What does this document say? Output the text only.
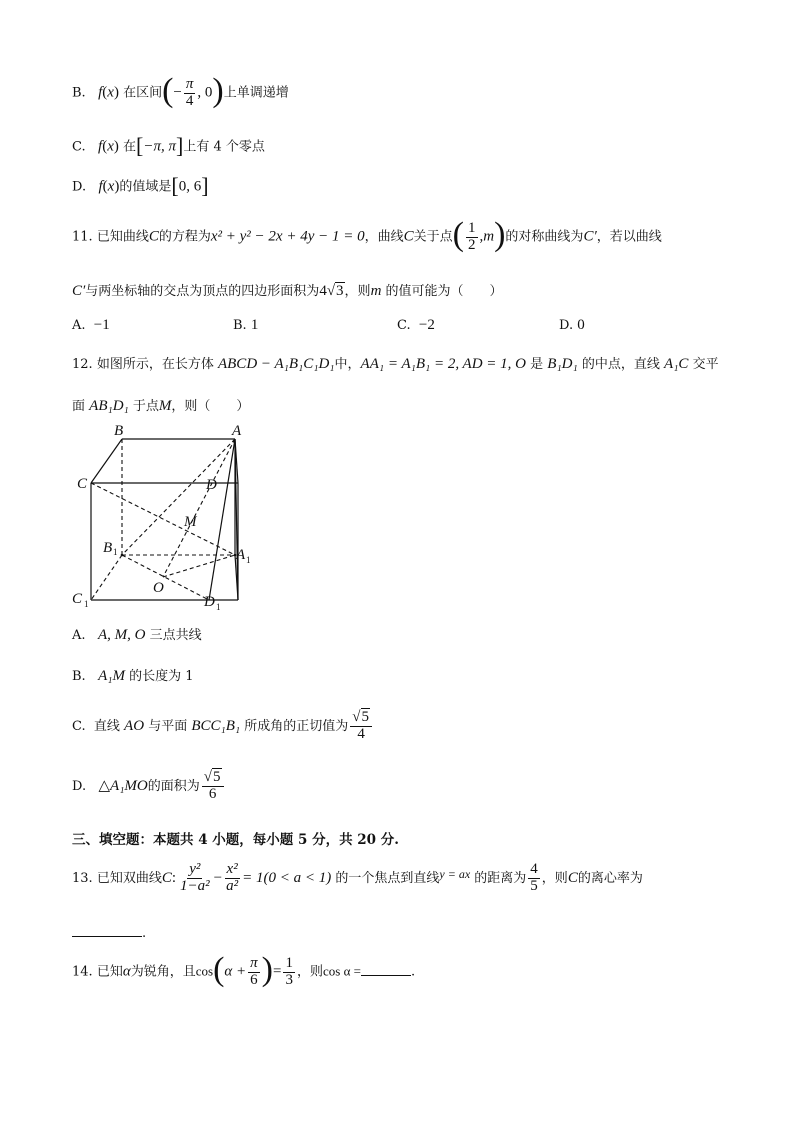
B. f(x) 在区间(− $\frac{\pi}{4}$ , 0)上单调递增
C. f(x) 在[−π, π]上有 4 个零点
D. f(x)的值域是[0, 6]
11. 已知曲线C的方程为x² + y² − 2x + 4y − 1 = 0，曲线C关于点( $\frac{1}{2} ,m$)的对称曲线为C′，若以曲线
C′与两坐标轴的交点为顶点的四边形面积为4√3，则m 的值可能为（　　）
A. −1	B. 1	C. −2	D. 0
12. 如图所示，在长方体 ABCD − A₁B₁C₁D₁中，AA₁ = A₁B₁ = 2, AD = 1, O 是 B₁D₁ 的中点，直线 A₁C 交平
面 AB₁D₁ 于点M，则（　　）
B	A
C	D
M
B	A
O
C	D
1
1
1	1
A. A, M, O 三点共线
B. A₁M 的长度为 1
C. 直线 AO 与平面 BCC₁B₁ 所成角的正切值为 $\frac{√5}{4}$
D. △A₁MO的面积为 $\frac{√5}{6}$
三、填空题：本题共 4 小题，每小题 5 分，共 20 分.
13. 已知双曲线C: $\frac{\text{y²}}{\text{1−a²}} - \frac{\text{x²}}{\text{a²}} = 1(0 < a < 1)$ 的一个焦点到直线y = ax 的距离为 $\frac{4}{5}$ ，则C的离心率为
.
14. 已知α为锐角，且$\cos(\alpha + \frac{\pi}{6}$ )= $\frac{1}{3}$ ，则cos α =	.
